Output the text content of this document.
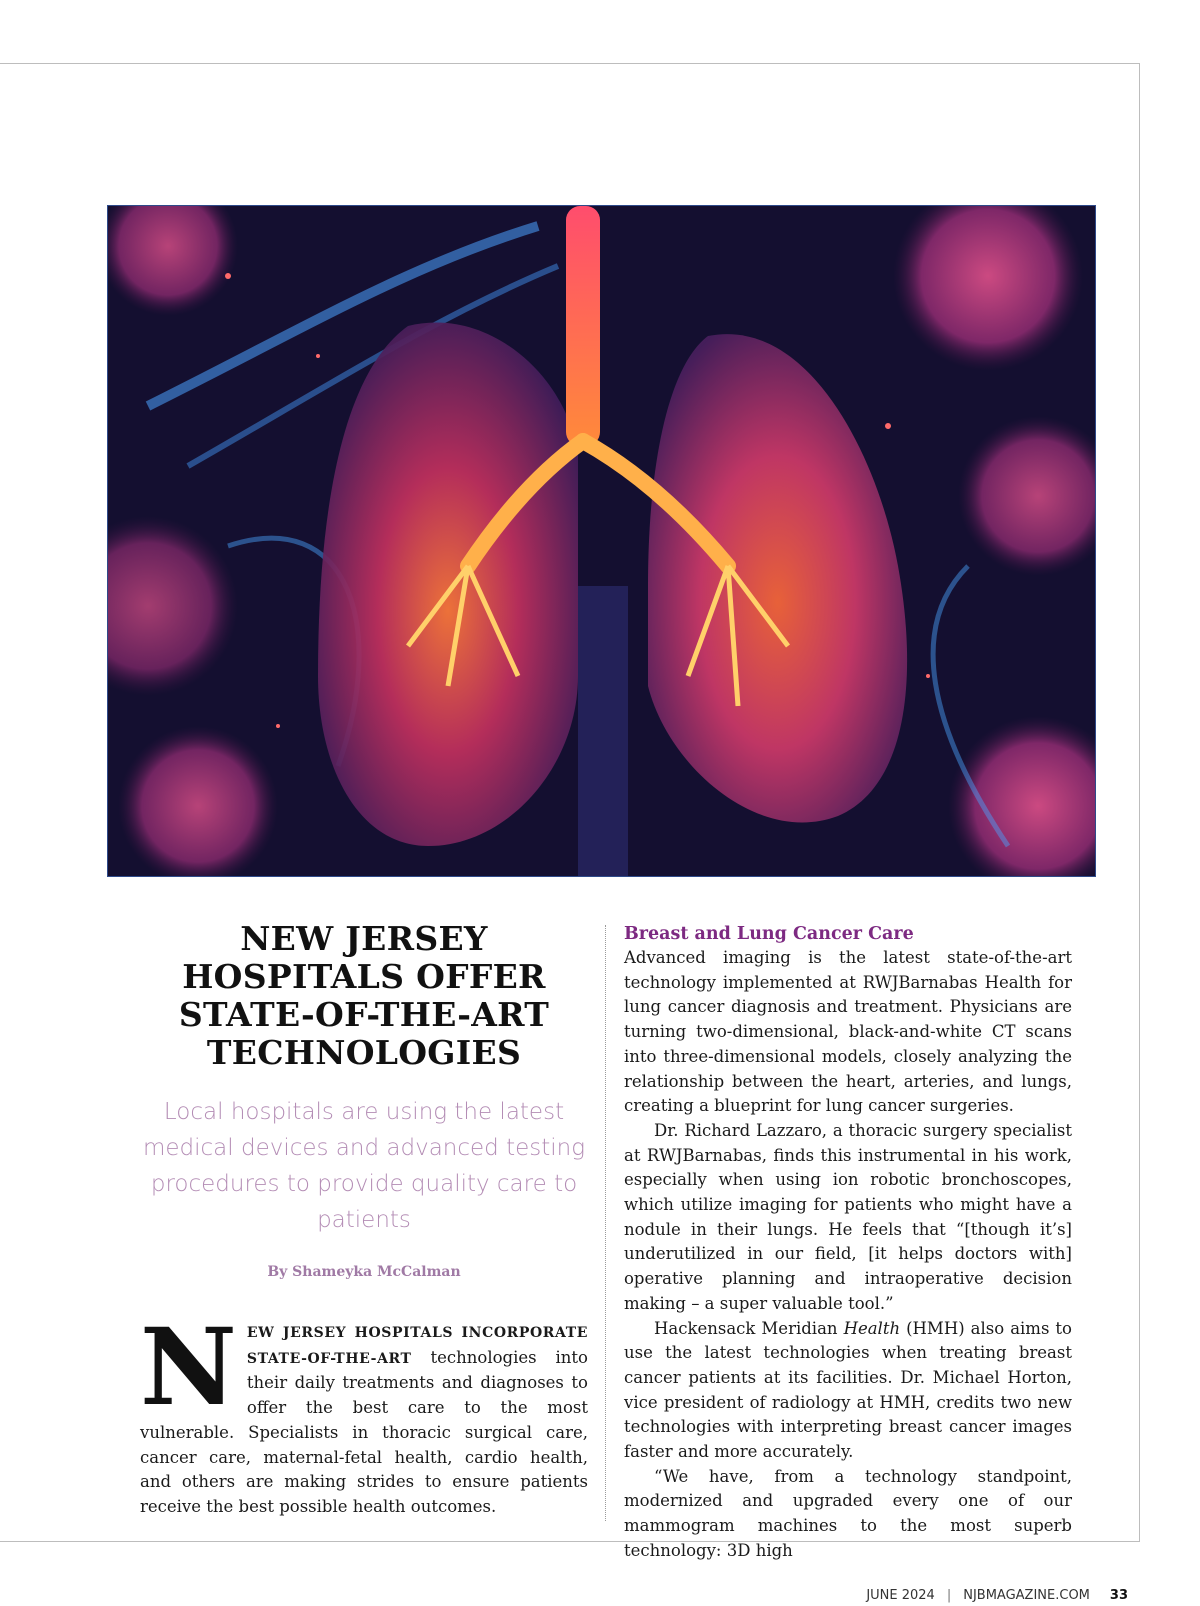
NEW JERSEY HOSPITALS OFFER STATE-OF-THE-ART TECHNOLOGIES

Local hospitals are using the latest medical devices and advanced testing procedures to provide quality care to patients

By Shameyka McCalman

NEW JERSEY HOSPITALS INCORPORATE STATE-OF-THE-ART technologies into their daily treatments and diagnoses to offer the best care to the most vulnerable. Specialists in thoracic surgical care, cancer care, maternal-fetal health, cardio health, and others are making strides to ensure patients receive the best possible health outcomes.

Breast and Lung Cancer Care

Advanced imaging is the latest state-of-the-art technology implemented at RWJBarnabas Health for lung cancer diagnosis and treatment. Physicians are turning two-dimensional, black-and-white CT scans into three-dimensional models, closely analyzing the relationship between the heart, arteries, and lungs, creating a blueprint for lung cancer surgeries.

Dr. Richard Lazzaro, a thoracic surgery specialist at RWJBarnabas, finds this instrumental in his work, especially when using ion robotic bronchoscopes, which utilize imaging for patients who might have a nodule in their lungs. He feels that “[though it’s] underutilized in our field, [it helps doctors with] operative planning and intraoperative decision making – a super valuable tool.”

Hackensack Meridian Health (HMH) also aims to use the latest technologies when treating breast cancer patients at its facilities. Dr. Michael Horton, vice president of radiology at HMH, credits two new technologies with interpreting breast cancer images faster and more accurately.

“We have, from a technology standpoint, modernized and upgraded every one of our mammogram machines to the most superb technology: 3D high

JUNE 2024 | NJBMAGAZINE.COM 33
